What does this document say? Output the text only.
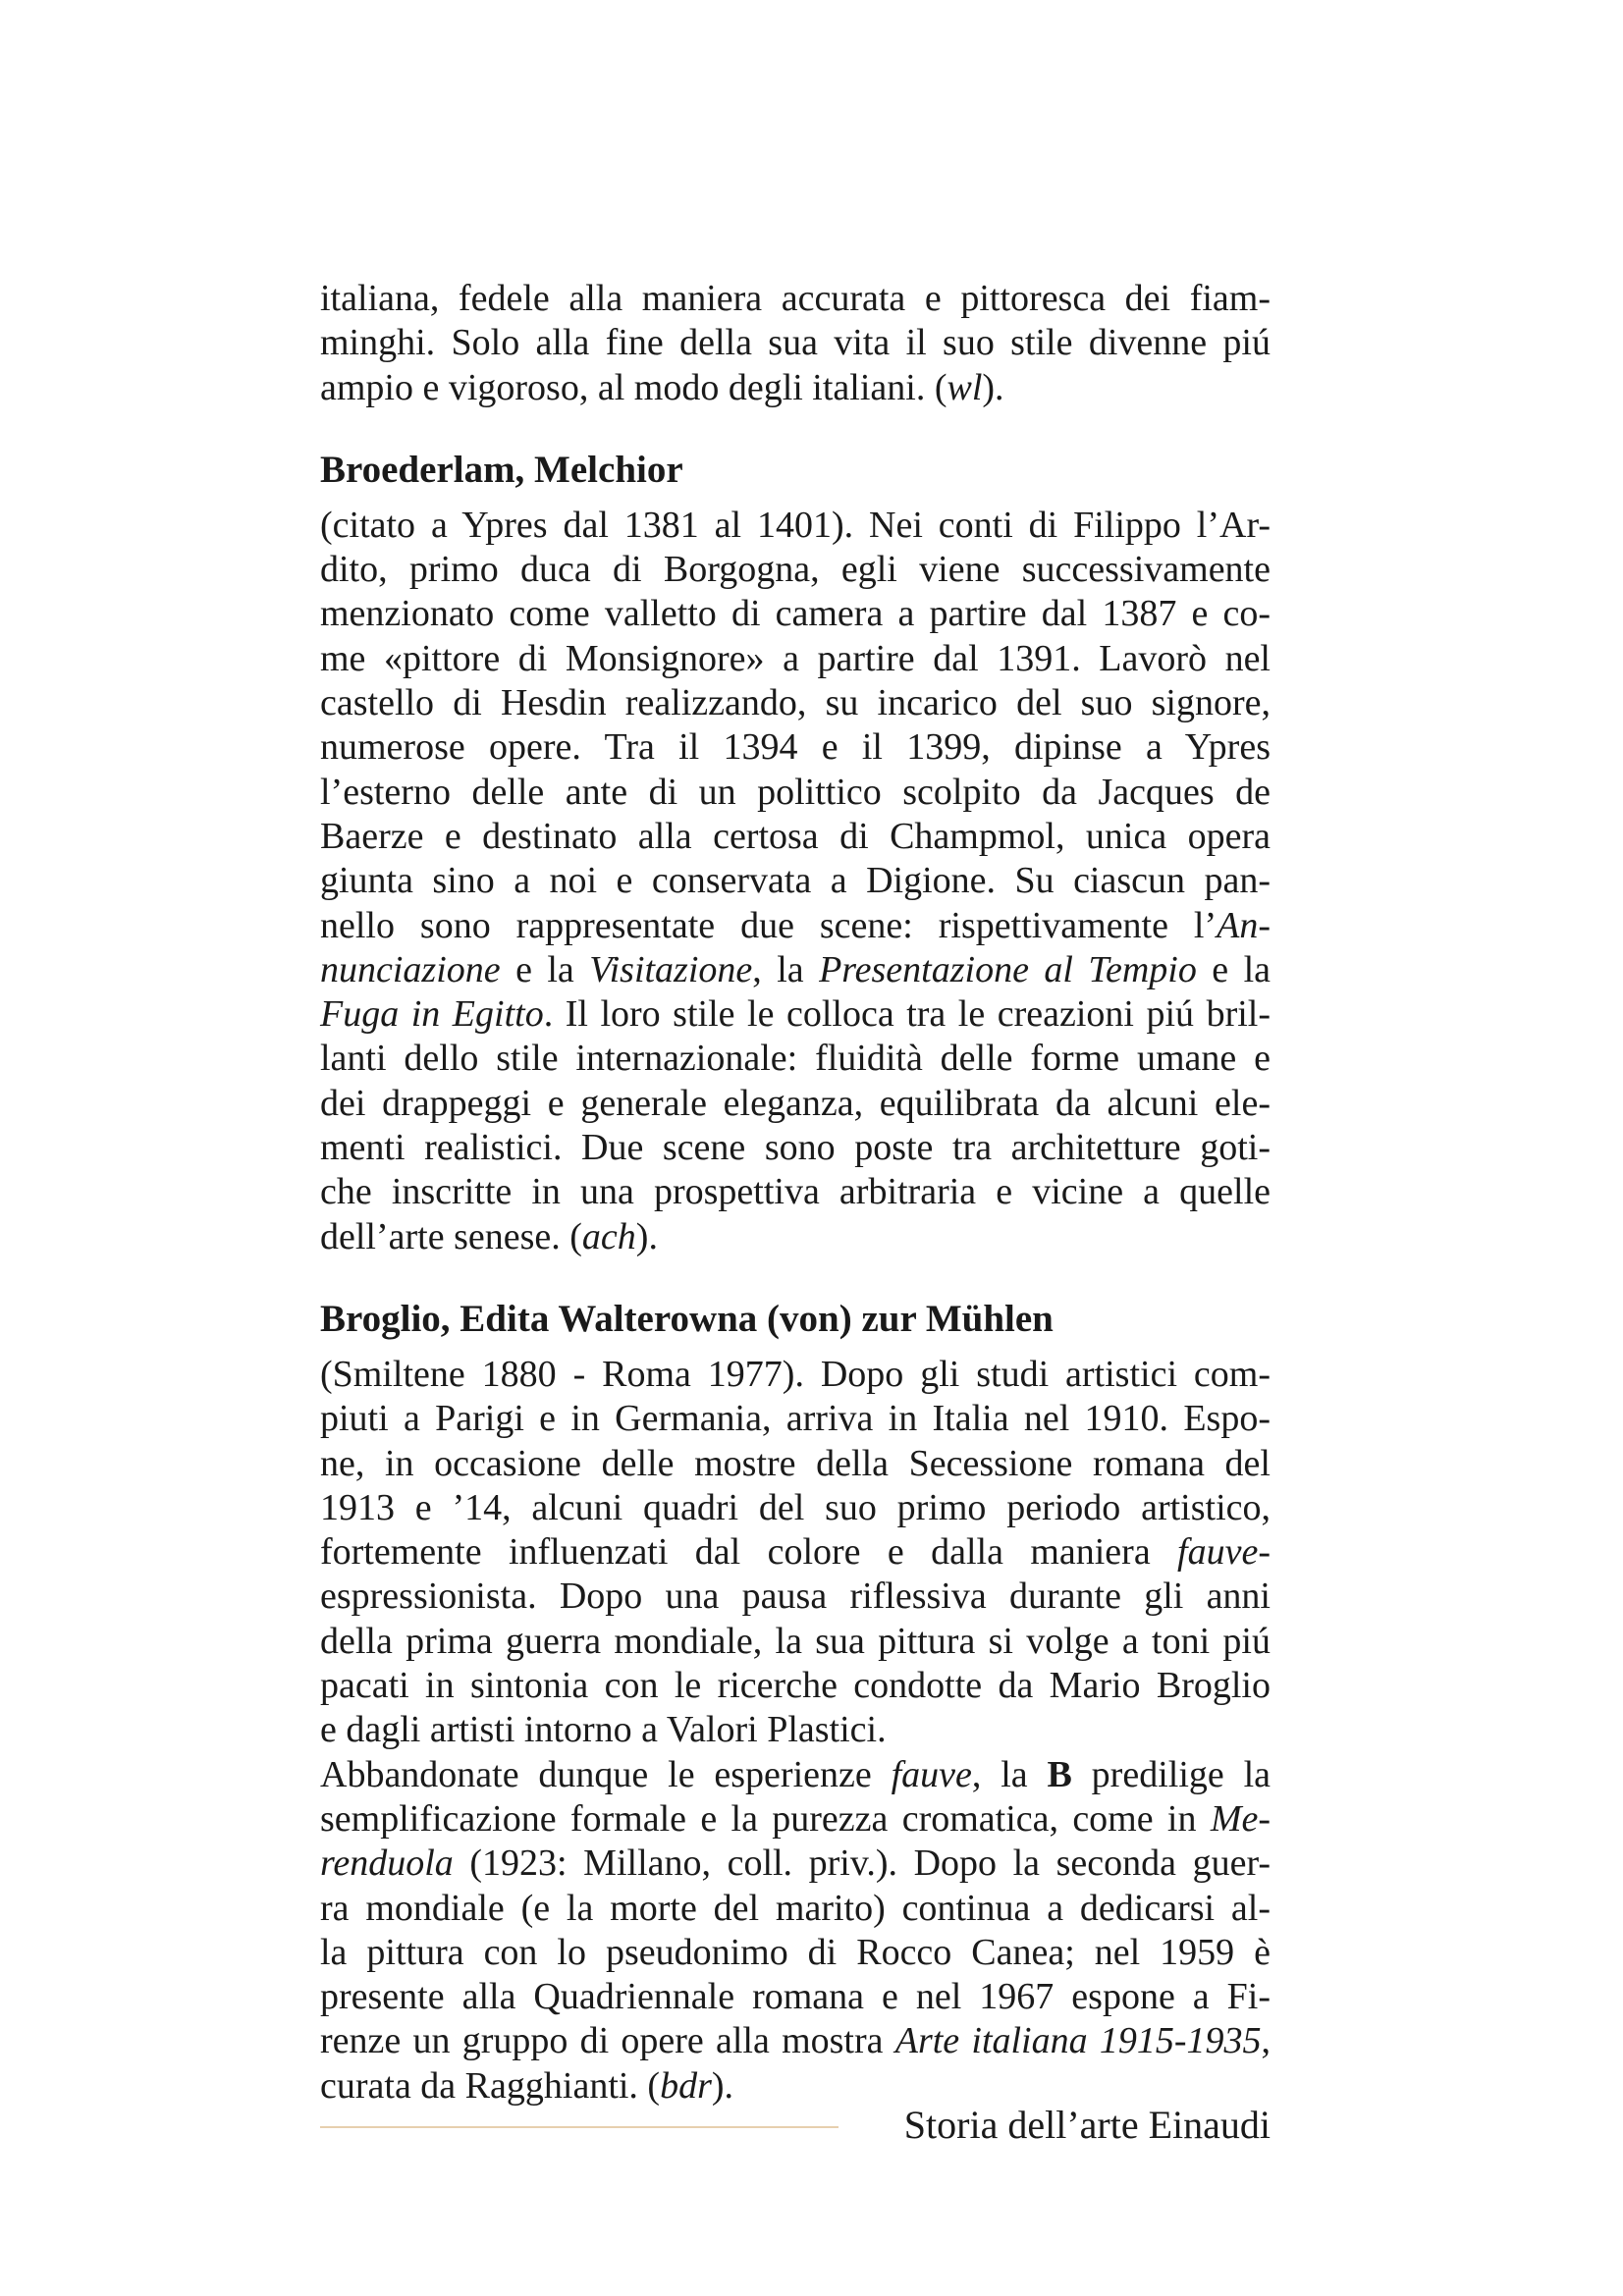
italiana, fedele alla maniera accurata e pittoresca dei fiam-
minghi. Solo alla fine della sua vita il suo stile divenne piú
ampio e vigoroso, al modo degli italiani. (wl).

Broederlam, Melchior

(citato a Ypres dal 1381 al 1401). Nei conti di Filippo l’Ar-
dito, primo duca di Borgogna, egli viene successivamente
menzionato come valletto di camera a partire dal 1387 e co-
me «pittore di Monsignore» a partire dal 1391. Lavorò nel
castello di Hesdin realizzando, su incarico del suo signore,
numerose opere. Tra il 1394 e il 1399, dipinse a Ypres
l’esterno delle ante di un polittico scolpito da Jacques de
Baerze e destinato alla certosa di Champmol, unica opera
giunta sino a noi e conservata a Digione. Su ciascun pan-
nello sono rappresentate due scene: rispettivamente l’An-
nunciazione e la Visitazione, la Presentazione al Tempio e la
Fuga in Egitto. Il loro stile le colloca tra le creazioni piú bril-
lanti dello stile internazionale: fluidità delle forme umane e
dei drappeggi e generale eleganza, equilibrata da alcuni ele-
menti realistici. Due scene sono poste tra architetture goti-
che inscritte in una prospettiva arbitraria e vicine a quelle
dell’arte senese. (ach).

Broglio, Edita Walterowna (von) zur Mühlen

(Smiltene 1880 - Roma 1977). Dopo gli studi artistici com-
piuti a Parigi e in Germania, arriva in Italia nel 1910. Espo-
ne, in occasione delle mostre della Secessione romana del
1913 e ’14, alcuni quadri del suo primo periodo artistico,
fortemente influenzati dal colore e dalla maniera fauve-
espressionista. Dopo una pausa riflessiva durante gli anni
della prima guerra mondiale, la sua pittura si volge a toni piú
pacati in sintonia con le ricerche condotte da Mario Broglio
e dagli artisti intorno a Valori Plastici.

Abbandonate dunque le esperienze fauve, la B predilige la
semplificazione formale e la purezza cromatica, come in Me-
renduola (1923: Millano, coll. priv.). Dopo la seconda guer-
ra mondiale (e la morte del marito) continua a dedicarsi al-
la pittura con lo pseudonimo di Rocco Canea; nel 1959 è
presente alla Quadriennale romana e nel 1967 espone a Fi-
renze un gruppo di opere alla mostra Arte italiana 1915-1935,
curata da Ragghianti. (bdr).

Storia dell’arte Einaudi
